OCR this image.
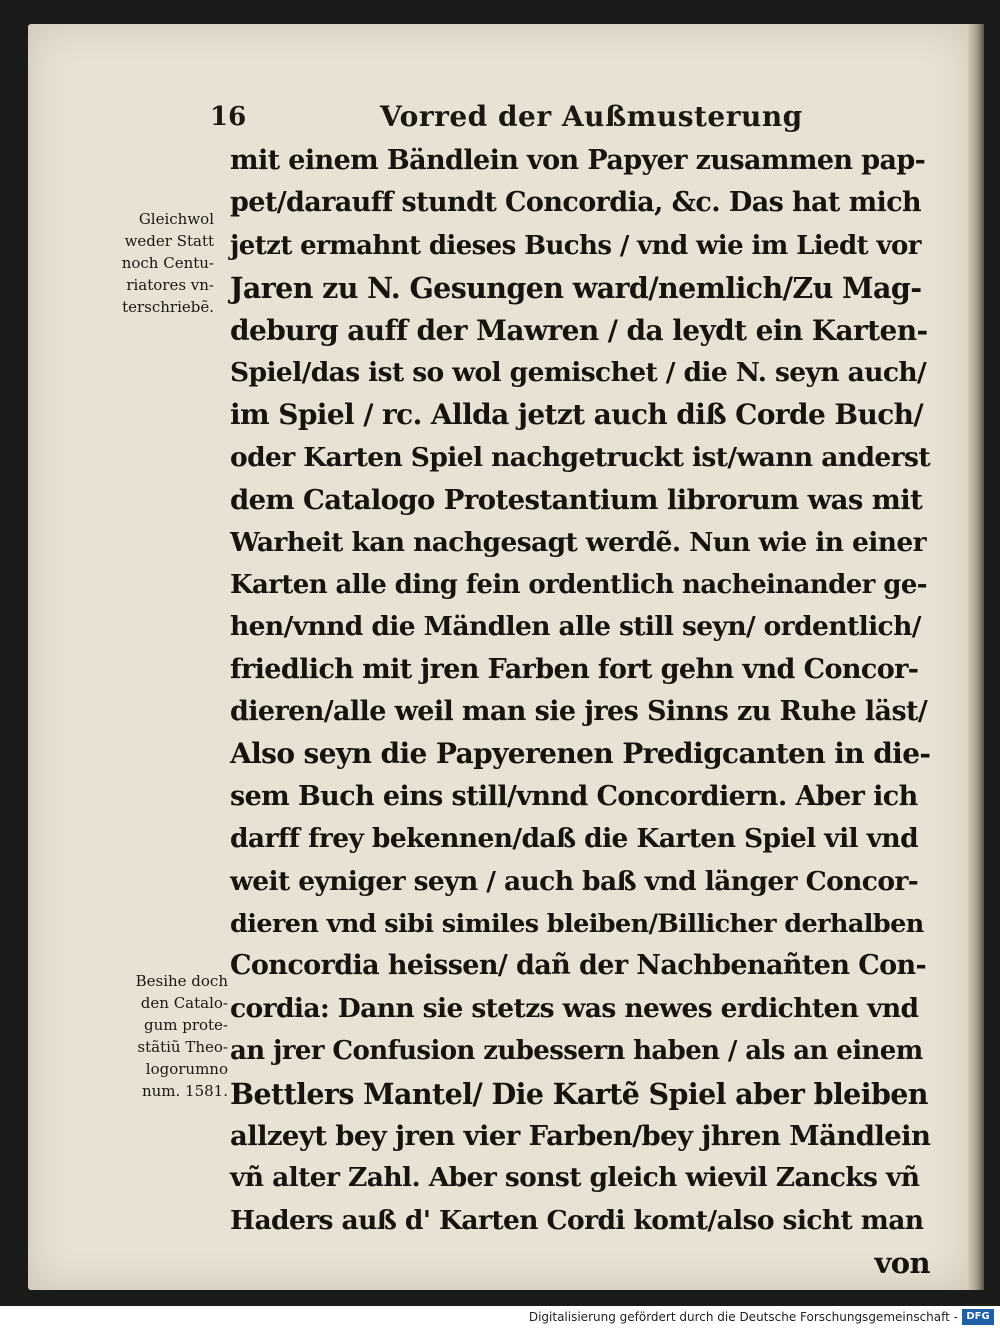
16	Vorred der Außmusterung
Gleichwol
weder Statt
noch Centu-
riatores vn-
terschriebẽ.
Besihe doch
den Catalo-
gum prote-
stãtiũ Theo-
logorumno
num. 1581.
mit einem Bändlein von Papyer zusammen pap-
pet/darauff stundt Concordia, &c. Das hat mich
jetzt ermahnt dieses Buchs / vnd wie im Liedt vor
Jaren zu N. Gesungen ward/nemlich/Zu Mag-
deburg auff der Mawren / da leydt ein Karten-
Spiel/das ist so wol gemischet / die N. seyn auch/
im Spiel / rc. Allda jetzt auch diß Corde Buch/
oder Karten Spiel nachgetruckt ist/wann anderst
dem Catalogo Protestantium librorum was mit
Warheit kan nachgesagt werdẽ. Nun wie in einer
Karten alle ding fein ordentlich nacheinander ge-
hen/vnnd die Mändlen alle still seyn/ ordentlich/
friedlich mit jren Farben fort gehn vnd Concor-
dieren/alle weil man sie jres Sinns zu Ruhe läst/
Also seyn die Papyerenen Predigcanten in die-
sem Buch eins still/vnnd Concordiern. Aber ich
darff frey bekennen/daß die Karten Spiel vil vnd
weit eyniger seyn / auch baß vnd länger Concor-
dieren vnd sibi similes bleiben/Billicher derhalben
Concordia heissen/ dañ der Nachbenañten Con-
cordia: Dann sie stetzs was newes erdichten vnd
an jrer Confusion zubessern haben / als an einem
Bettlers Mantel/ Die Kartẽ Spiel aber bleiben
allzeyt bey jren vier Farben/bey jhren Mändlein
vñ alter Zahl. Aber sonst gleich wievil Zancks vñ
Haders auß d' Karten Cordi komt/also sicht man
von
Digitalisierung gefördert durch die Deutsche Forschungsgemeinschaft - DFG
